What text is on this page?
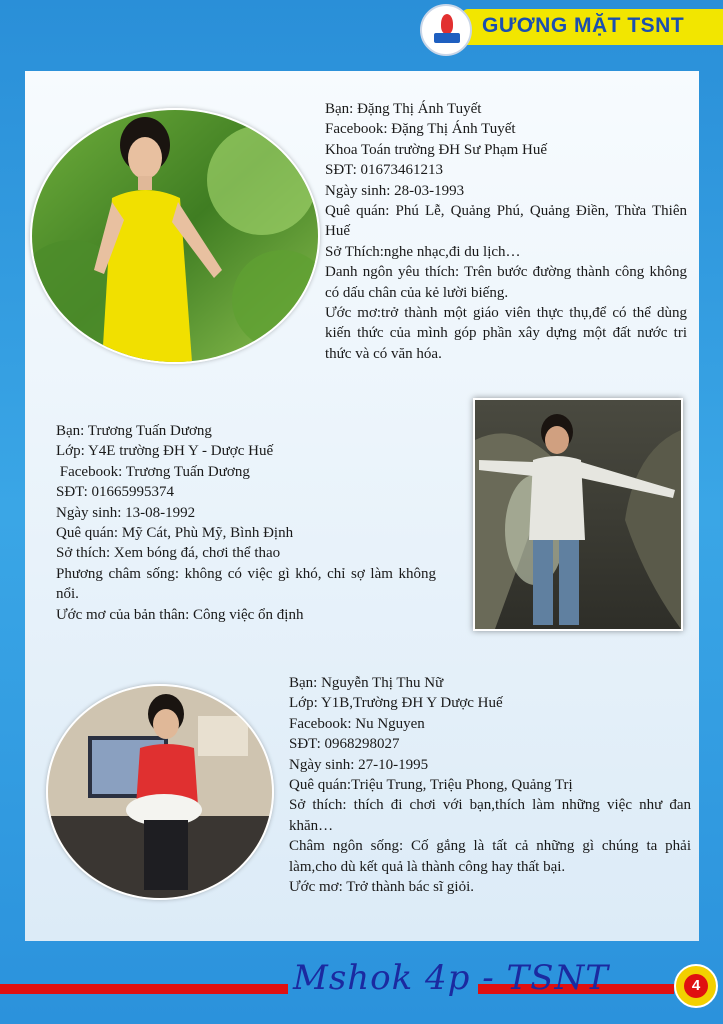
GƯƠNG MẶT TSNT
Bạn: Đặng Thị Ánh Tuyết
Facebook: Đặng Thị Ánh Tuyết
Khoa Toán trường ĐH Sư Phạm Huế
SĐT: 01673461213
Ngày sinh: 28-03-1993
Quê quán: Phú Lễ, Quảng Phú, Quảng Điền, Thừa Thiên Huế
Sở Thích:nghe nhạc,đi du lịch…
Danh ngôn yêu thích: Trên bước đường thành công không có dấu chân của kẻ lười biếng.
Ước mơ:trở thành một giáo viên thực thụ,để có thể dùng kiến thức của mình góp phần xây dựng một đất nước tri thức và có văn hóa.
Bạn: Trương Tuấn Dương
Lớp: Y4E trường ĐH Y - Dược Huế
Facebook: Trương Tuấn Dương
SĐT: 01665995374
Ngày sinh: 13-08-1992
Quê quán: Mỹ Cát, Phù Mỹ, Bình Định
Sở thích: Xem bóng đá, chơi thể thao
Phương châm sống: không có việc gì khó, chỉ sợ làm không nổi.
Ước mơ của bản thân: Công việc ổn định
Bạn: Nguyễn Thị Thu Nữ
Lớp: Y1B,Trường ĐH Y Dược Huế
Facebook: Nu Nguyen
SĐT: 0968298027
Ngày sinh: 27-10-1995
Quê quán:Triệu Trung, Triệu Phong, Quảng Trị
Sở thích: thích đi chơi với bạn,thích làm những việc như đan khăn…
Châm ngôn sống: Cố gắng là tất cả những gì chúng ta phải làm,cho dù kết quả là thành công hay thất bại.
Ước mơ: Trở thành bác sĩ giỏi.
Mshok 4p - TSNT	4
